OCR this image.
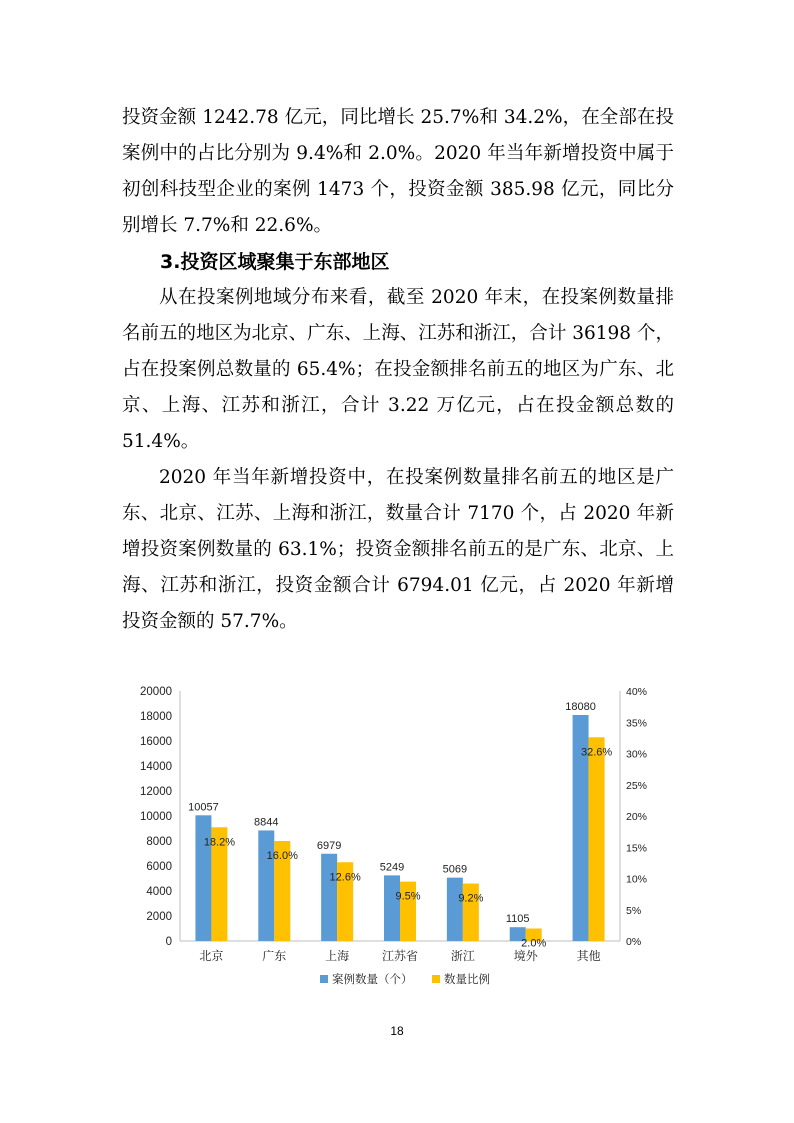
投资金额 1242.78 亿元，同比增长 25.7%和 34.2%，在全部在投案例中的占比分别为 9.4%和 2.0%。2020 年当年新增投资中属于初创科技型企业的案例 1473 个，投资金额 385.98 亿元，同比分别增长 7.7%和 22.6%。

3.投资区域聚集于东部地区

从在投案例地域分布来看，截至 2020 年末，在投案例数量排名前五的地区为北京、广东、上海、江苏和浙江，合计 36198 个，占在投案例总数量的 65.4%；在投金额排名前五的地区为广东、北京、上海、江苏和浙江，合计 3.22 万亿元，占在投金额总数的 51.4%。

2020 年当年新增投资中，在投案例数量排名前五的地区是广东、北京、江苏、上海和浙江，数量合计 7170 个，占 2020 年新增投资案例数量的 63.1%；投资金额排名前五的是广东、北京、上海、江苏和浙江，投资金额合计 6794.01 亿元，占 2020 年新增投资金额的 57.7%。

0
2000
4000
6000
8000
10000
12000
14000
16000
18000
20000
0%
5%
10%
15%
20%
25%
30%
35%
40%
北京
10057
18.2%
广东
8844
16.0%
上海
6979
12.6%
江苏省
5249
9.5%
浙江
5069
9.2%
境外
1105
2.0%
其他
18080
32.6%
案例数量（个）	数量比例
18
